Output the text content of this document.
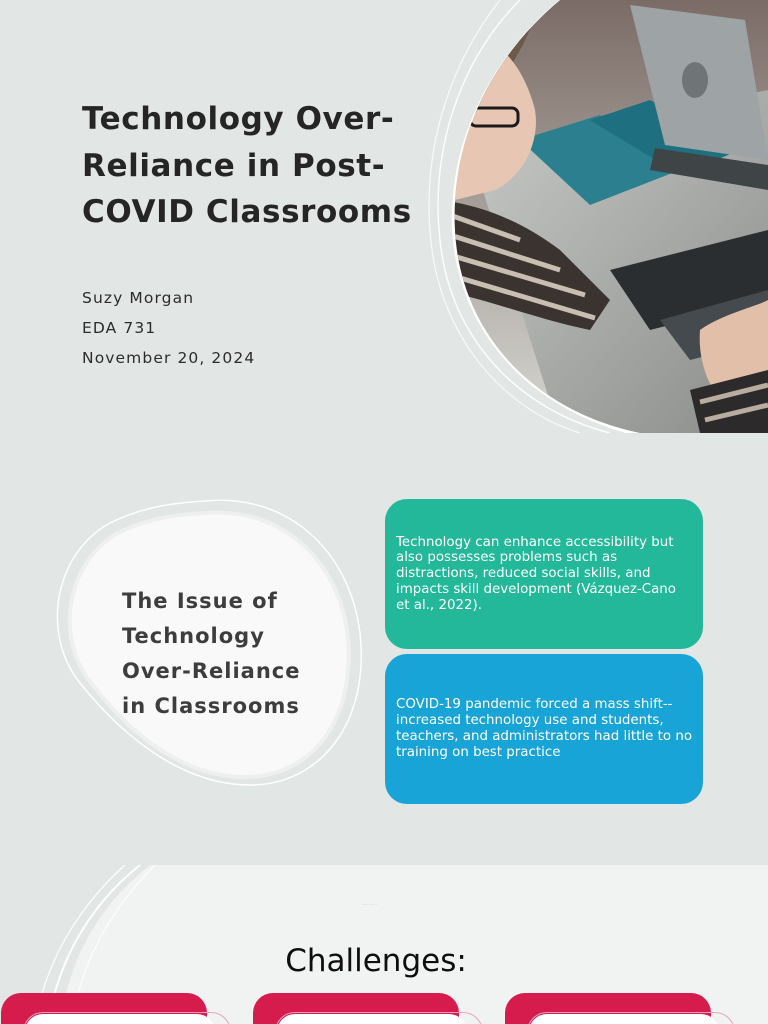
Technology Over-Reliance in Post-COVID Classrooms

Suzy Morgan

EDA 731

November 20, 2024

The Issue of Technology Over-Reliance in Classrooms
Technology can enhance accessibility but also possesses problems such as distractions, reduced social skills, and impacts skill development (Vázquez-Cano et al., 2022).
COVID-19 pandemic forced a mass shift-- increased technology use and students, teachers, and administrators had little to no training on best practice
..... .......
Challenges:
